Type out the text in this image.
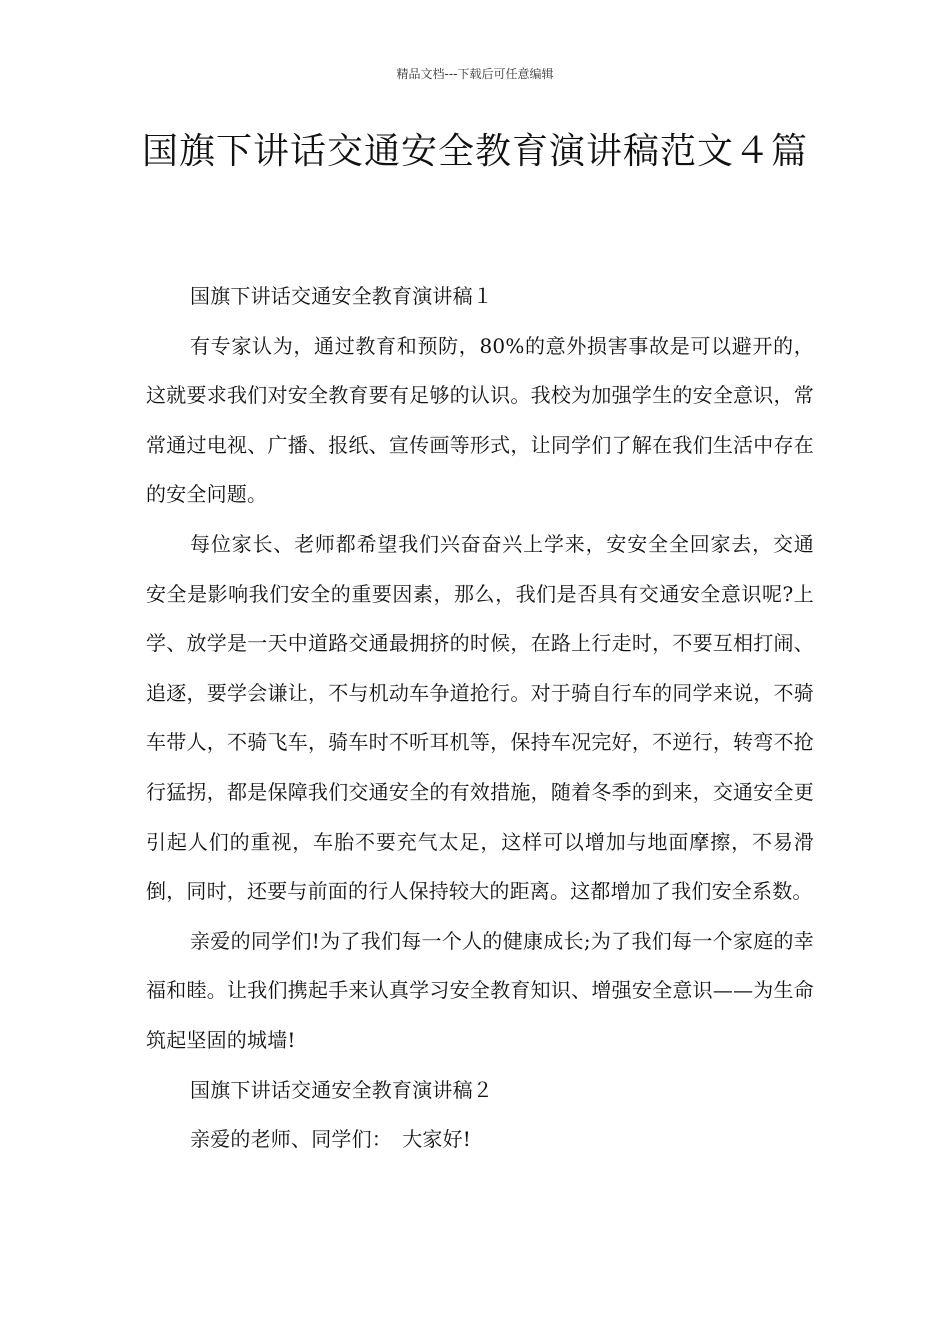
精品文档---下载后可任意编辑
国旗下讲话交通安全教育演讲稿范文４篇

国旗下讲话交通安全教育演讲稿１

有专家认为，通过教育和预防，80%的意外损害事故是可以避开的，这就要求我们对安全教育要有足够的认识。我校为加强学生的安全意识，常常通过电视、广播、报纸、宣传画等形式，让同学们了解在我们生活中存在的安全问题。

每位家长、老师都希望我们兴奋奋兴上学来，安安全全回家去，交通安全是影响我们安全的重要因素，那么，我们是否具有交通安全意识呢?上学、放学是一天中道路交通最拥挤的时候，在路上行走时，不要互相打闹、追逐，要学会谦让，不与机动车争道抢行。对于骑自行车的同学来说，不骑车带人，不骑飞车，骑车时不听耳机等，保持车况完好，不逆行，转弯不抢行猛拐，都是保障我们交通安全的有效措施，随着冬季的到来，交通安全更引起人们的重视，车胎不要充气太足，这样可以增加与地面摩擦，不易滑倒，同时，还要与前面的行人保持较大的距离。这都增加了我们安全系数。

亲爱的同学们!为了我们每一个人的健康成长;为了我们每一个家庭的幸福和睦。让我们携起手来认真学习安全教育知识、增强安全意识——为生命筑起坚固的城墙!

国旗下讲话交通安全教育演讲稿２

亲爱的老师、同学们：　大家好!
